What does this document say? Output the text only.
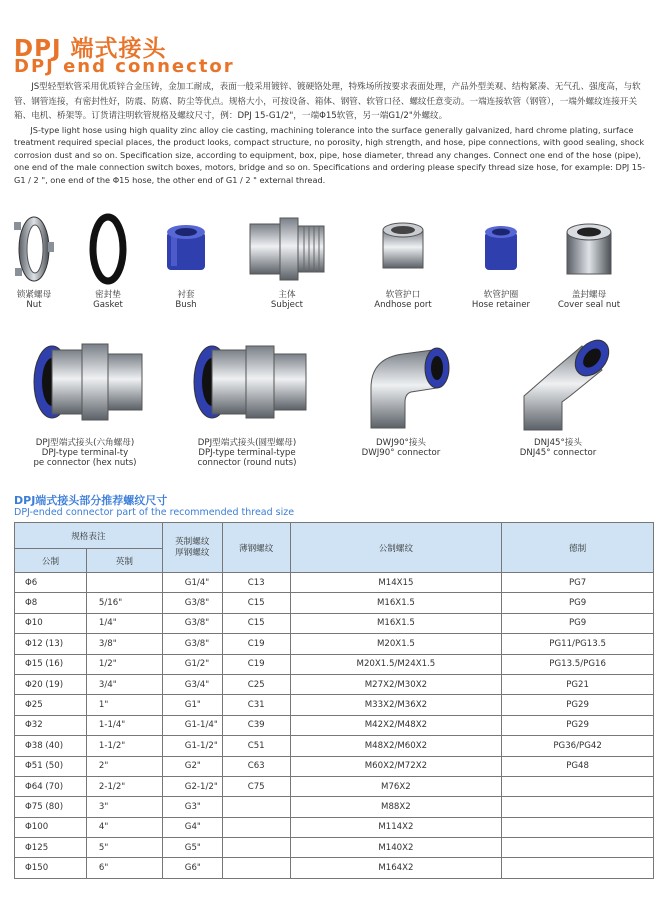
DPJ 端式接头
DPJ end connector

JS型轻型软管采用优质锌合金压铸，金加工耐成，表面一般采用镀锌、镀硬铬处理，特殊场所按要求表面处理，产品外型美观、结构紧凑、无气孔、强度高，与软管、钢管连接，有密封性好，防震、防腐、防尘等优点。规格大小，可按设备、箱体、钢管、软管口径、螺纹任意变动。一端连接软管（钢管），一端外螺纹连接开关箱、电机、桥架等。订货请注明软管规格及螺纹尺寸，例：DPJ 15-G1/2"，一端Φ15软管，另一端G1/2"外螺纹。

JS-type light hose using high quality zinc alloy cie casting, machining tolerance into the surface generally galvanized, hard chrome plating, surface treatment required special places, the product looks, compact structure, no porosity, high strength, and hose, pipe connections, with good sealing, shock corrosion dust and so on. Specification size, according to equipment, box, pipe, hose diameter, thread any changes. Connect one end of the hose (pipe), one end of the male connection switch boxes, motors, bridge and so on. Specifications and ordering please specify thread size hose, for example: DPJ 15-G1 / 2 ", one end of the Φ15 hose, the other end of G1 / 2 " external thread.

锁紧螺母
Nut
密封垫
Gasket
衬套
Bush
主体
Subject
软管护口
Andhose port
软管护圈
Hose retainer
盖封螺母
Cover seal nut
DPJ型端式接头(六角螺母)
DPJ-type terminal-ty
pe connector (hex nuts)
DPJ型端式接头(圆型螺母)
DPJ-type terminal-type
connector (round nuts)
DWJ90°接头
DWJ90° connector
DNJ45°接头
DNJ45° connector
DPJ端式接头部分推荐螺纹尺寸
DPJ-ended connector part of the recommended thread size
规格表注		英制螺纹
厚钢螺纹	薄钢螺纹	公制螺纹	德制
公制	英制				
Φ6		G1/4"	C13	M14X15	PG7
Φ8	5/16"	G3/8"	C15	M16X1.5	PG9
Φ10	1/4"	G3/8"	C15	M16X1.5	PG9
Φ12 (13)	3/8"	G3/8"	C19	M20X1.5	PG11/PG13.5
Φ15 (16)	1/2"	G1/2"	C19	M20X1.5/M24X1.5	PG13.5/PG16
Φ20 (19)	3/4"	G3/4"	C25	M27X2/M30X2	PG21
Φ25	1"	G1"	C31	M33X2/M36X2	PG29
Φ32	1-1/4"	G1-1/4"	C39	M42X2/M48X2	PG29
Φ38 (40)	1-1/2"	G1-1/2"	C51	M48X2/M60X2	PG36/PG42
Φ51 (50)	2"	G2"	C63	M60X2/M72X2	PG48
Φ64 (70)	2-1/2"	G2-1/2"	C75	M76X2	
Φ75 (80)	3"	G3"		M88X2	
Φ100	4"	G4"		M114X2	
Φ125	5"	G5"		M140X2	
Φ150	6"	G6"		M164X2	
